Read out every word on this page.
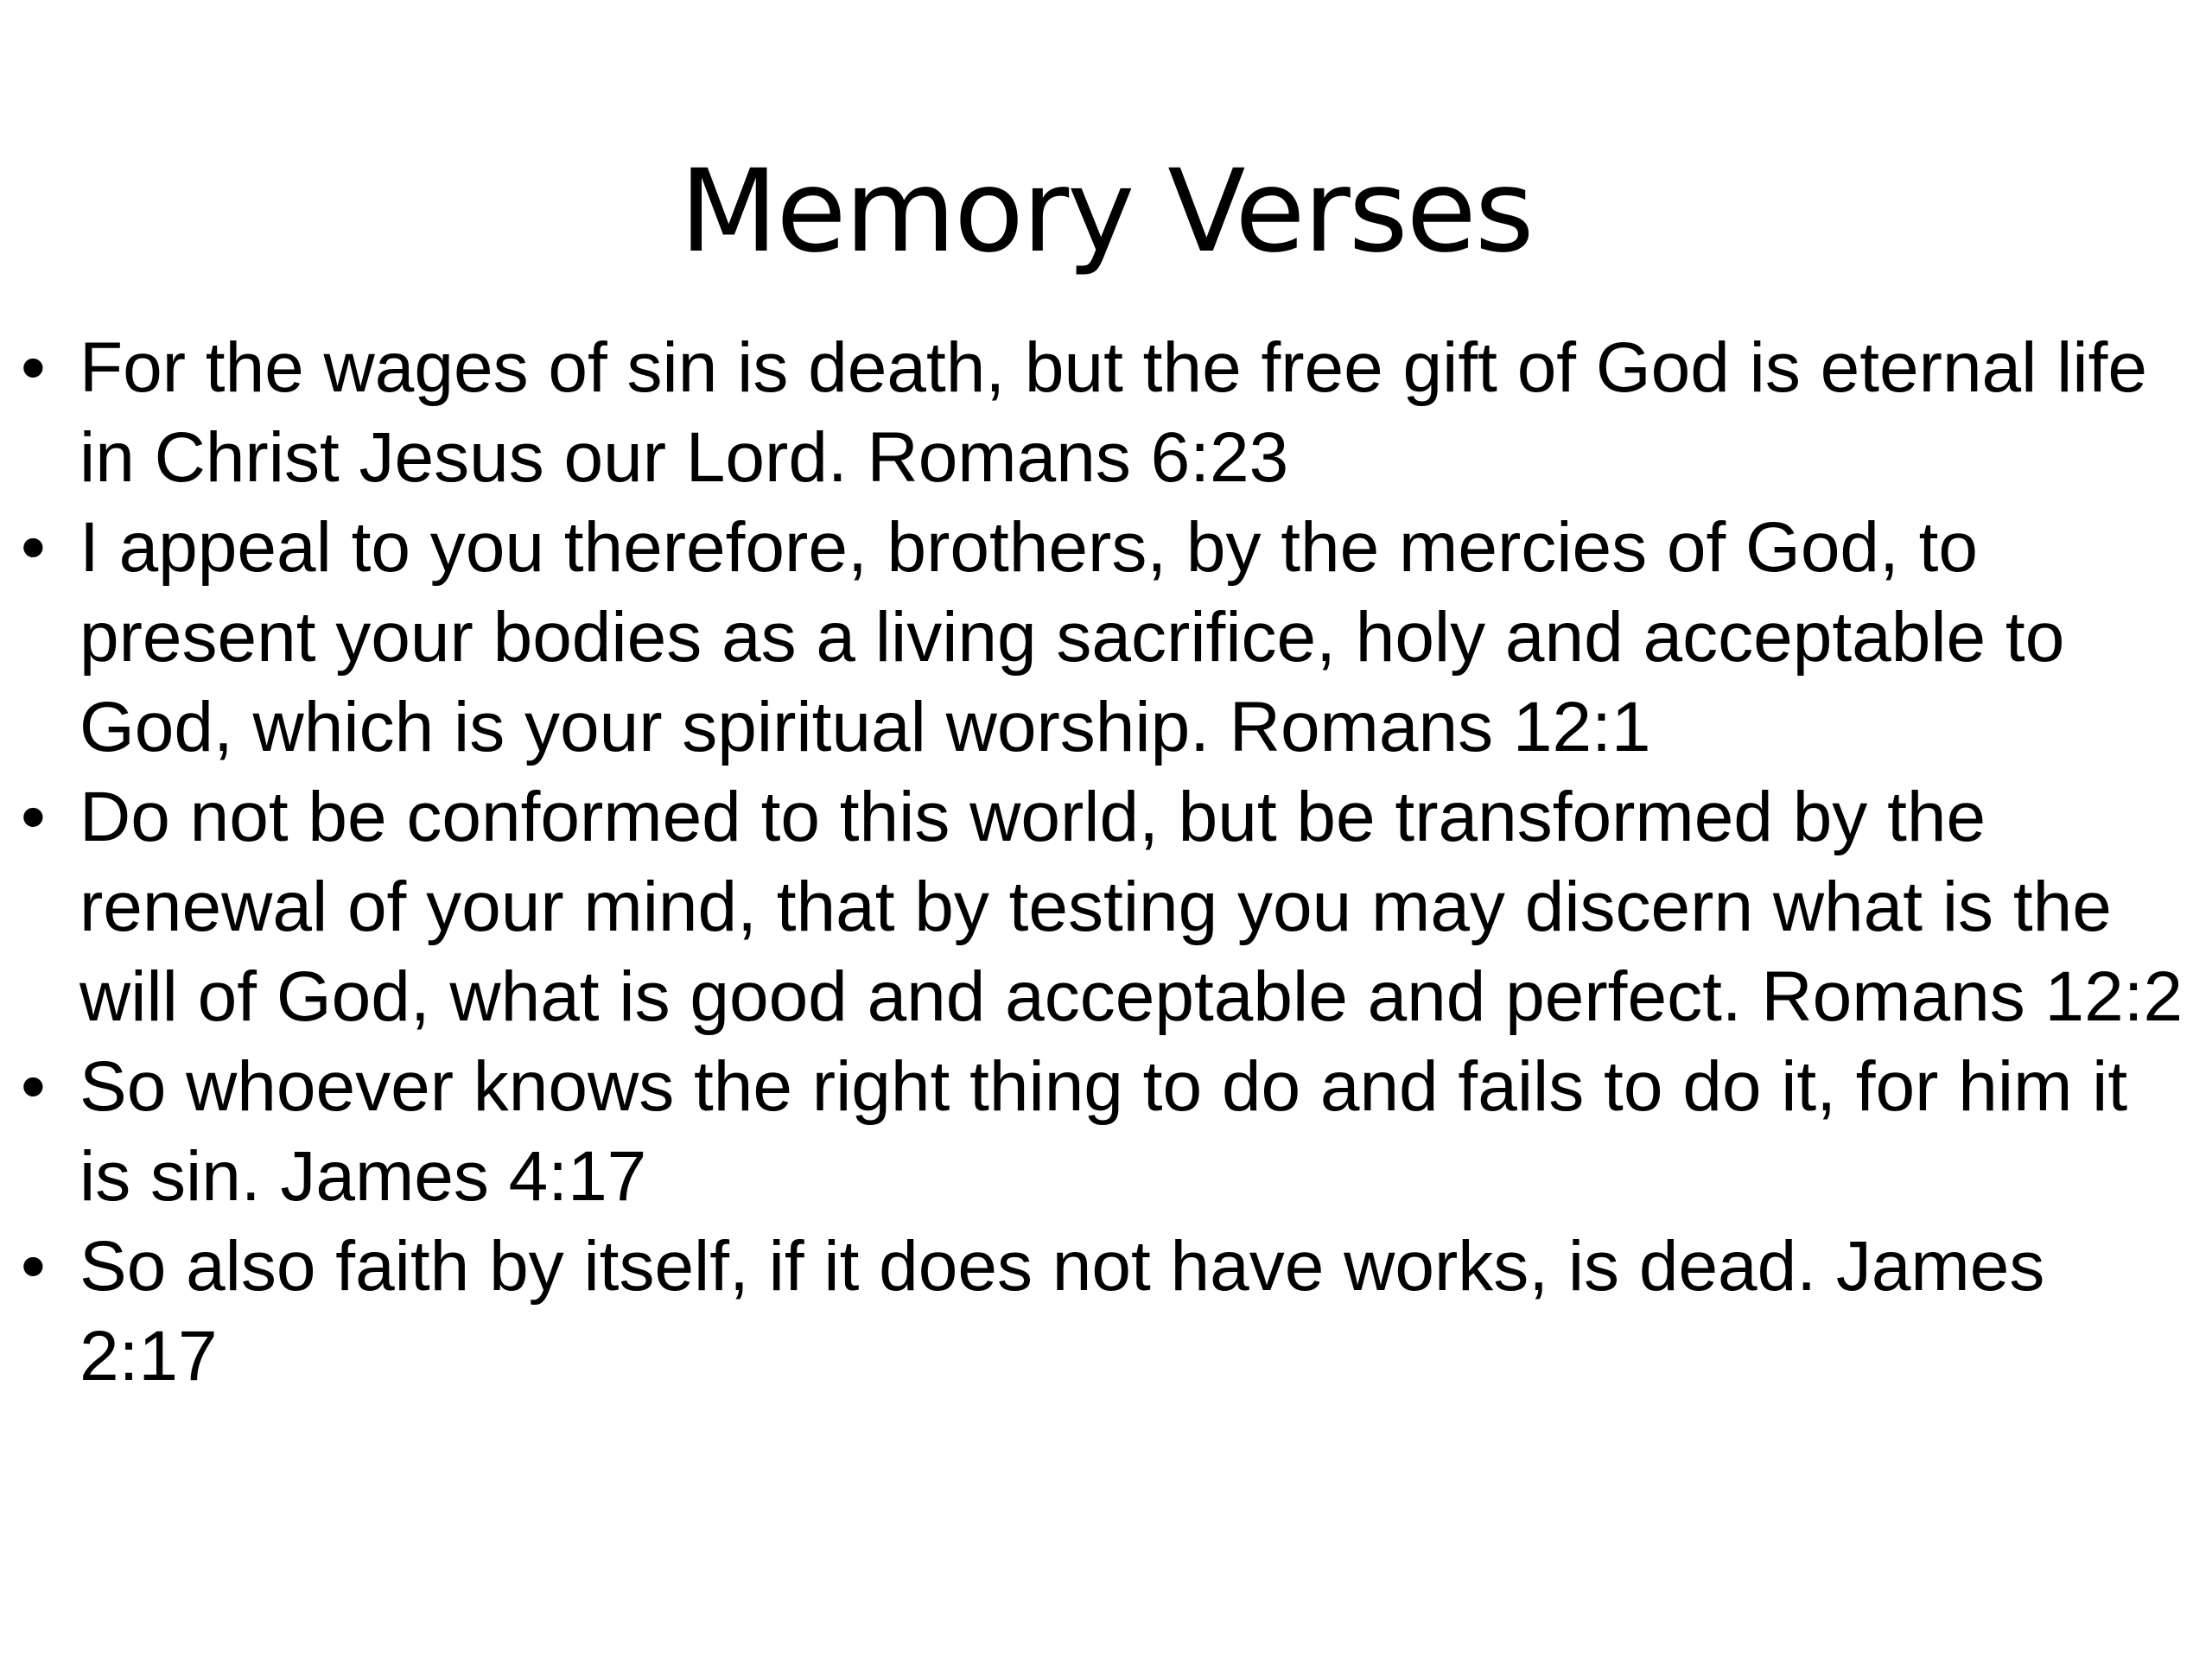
Memory Verses
• For the wages of sin is death, but the free gift of God is eternal life in Christ Jesus our Lord. Romans 6:23
• I appeal to you therefore, brothers, by the mercies of God, to present your bodies as a living sacrifice, holy and acceptable to God, which is your spiritual worship. Romans 12:1
• Do not be conformed to this world, but be transformed by the renewal of your mind, that by testing you may discern what is the will of God, what is good and acceptable and perfect. Romans 12:2
• So whoever knows the right thing to do and fails to do it, for him it is sin. James 4:17
• So also faith by itself, if it does not have works, is dead. James 2:17
